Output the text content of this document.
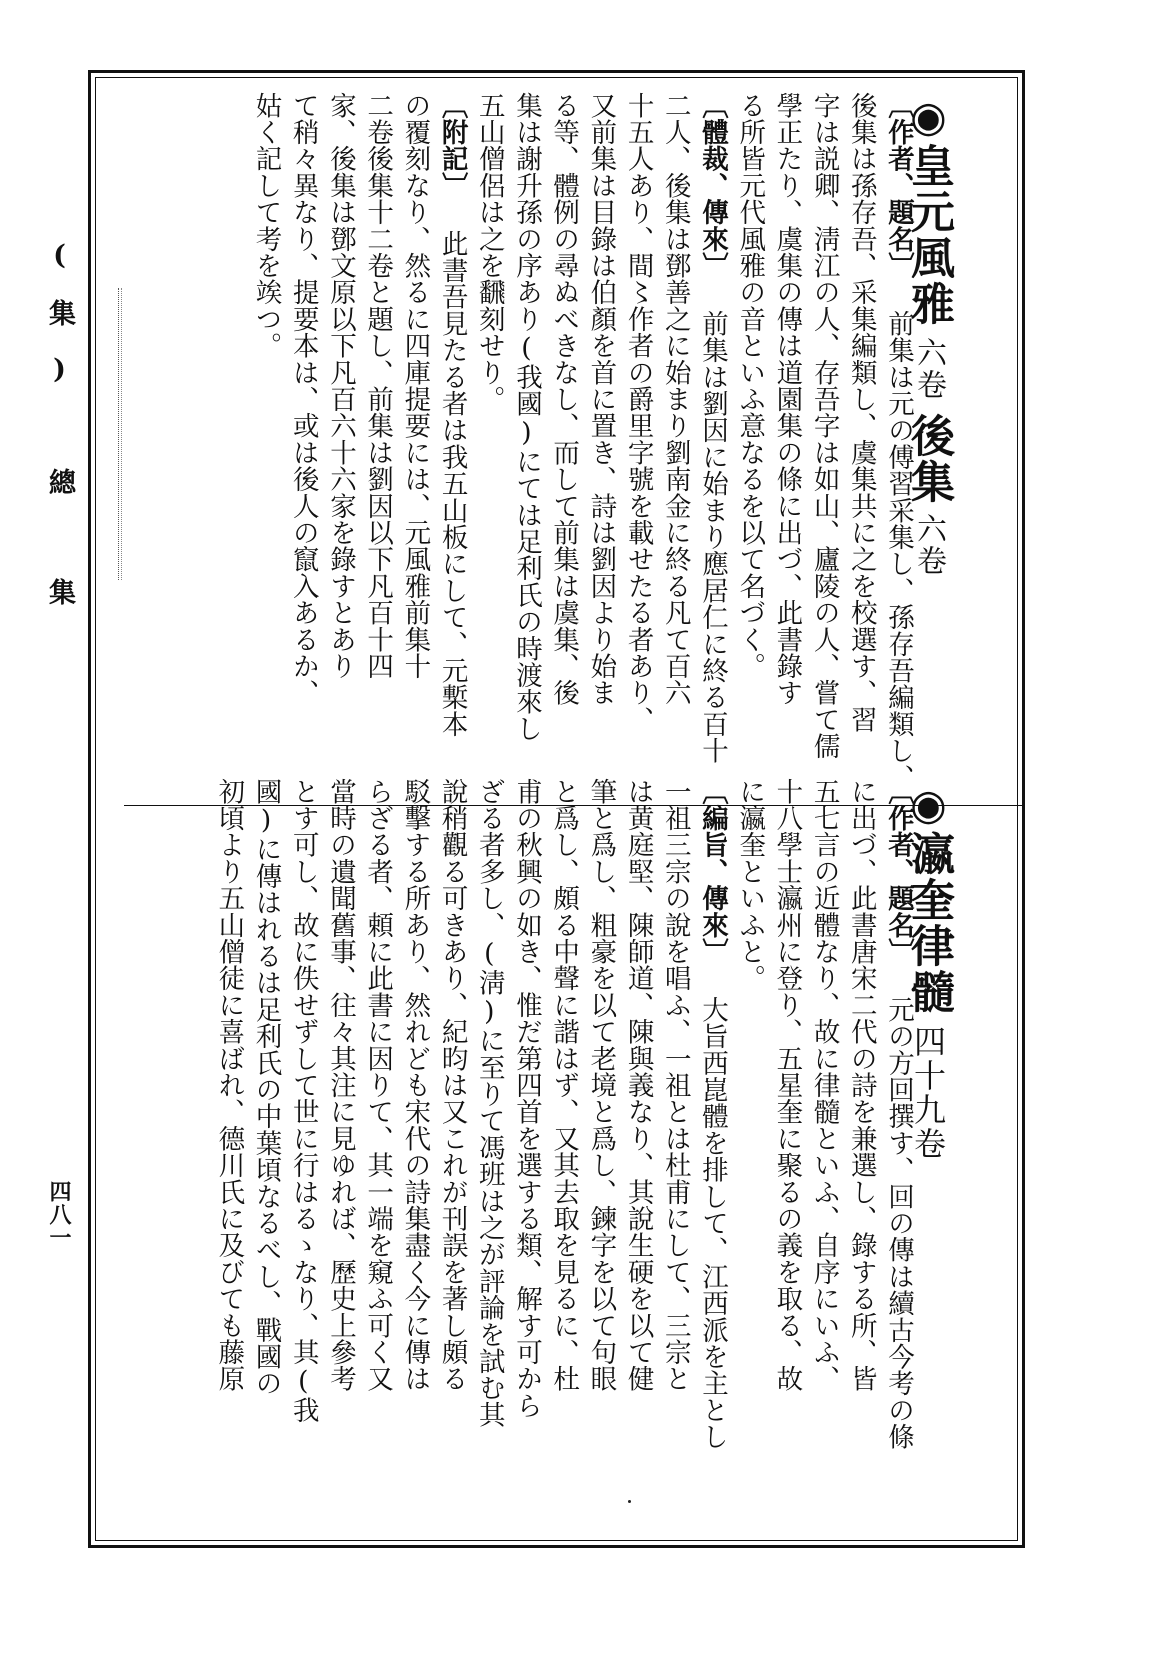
(集)　總　集
四八一
◉皇元風雅六卷後集六卷
〔作者、題名〕 前集は元の傅習采集し、孫存吾編類し、
後集は孫存吾、采集編類し、虞集共に之を校選す、習
字は説卿、淸江の人、存吾字は如山、廬陵の人、嘗て儒
學正たり、虞集の傳は道園集の條に出づ、此書錄す
る所皆元代風雅の音といふ意なるを以て名づく。
〔體裁、傳來〕 前集は劉因に始まり應居仁に終る百十
二人、後集は鄧善之に始まり劉南金に終る凡て百六
十五人あり、間〻作者の爵里字號を載せたる者あり、
又前集は目錄は伯顏を首に置き、詩は劉因より始ま
る等、體例の尋ぬべきなし、而して前集は虞集、後
集は謝升孫の序あり(我國)にては足利氏の時渡來し
五山僧侶は之を飜刻せり。
〔附記〕 此書吾見たる者は我五山板にして、元槧本
の覆刻なり、然るに四庫提要には、元風雅前集十
二卷後集十二卷と題し、前集は劉因以下凡百十四
家、後集は鄧文原以下凡百六十六家を錄すとあり
て稍々異なり、提要本は、或は後人の竄入あるか、
姑く記して考を竢つ。
◉瀛奎律髓四十九卷
〔作者、題名〕 元の方回撰す、回の傳は續古今考の條
に出づ、此書唐宋二代の詩を兼選し、錄する所、皆
五七言の近體なり、故に律髓といふ、自序にいふ、
十八學士瀛州に登り、五星奎に聚るの義を取る、故
に瀛奎といふと。
〔編旨、傳來〕 大旨西崑體を排して、江西派を主とし
一祖三宗の說を唱ふ、一祖とは杜甫にして、三宗と
は黄庭堅、陳師道、陳與義なり、其說生硬を以て健
筆と爲し、粗豪を以て老境と爲し、鍊字を以て句眼
と爲し、頗る中聲に諧はず、又其去取を見るに、杜
甫の秋興の如き、惟だ第四首を選する類、解す可から
ざる者多し、(淸)に至りて馮班は之が評論を試む其
說稍觀る可きあり、紀昀は又これが刊誤を著し頗る
駁擊する所あり、然れども宋代の詩集盡く今に傳は
らざる者、頼に此書に因りて、其一端を窺ふ可く又
當時の遺聞舊事、往々其注に見ゆれば、歷史上參考
とす可し、故に佚せずして世に行はるゝなり、其(我
國)に傳はれるは足利氏の中葉頃なるべし、戰國の
初頃より五山僧徒に喜ばれ、德川氏に及びても藤原
